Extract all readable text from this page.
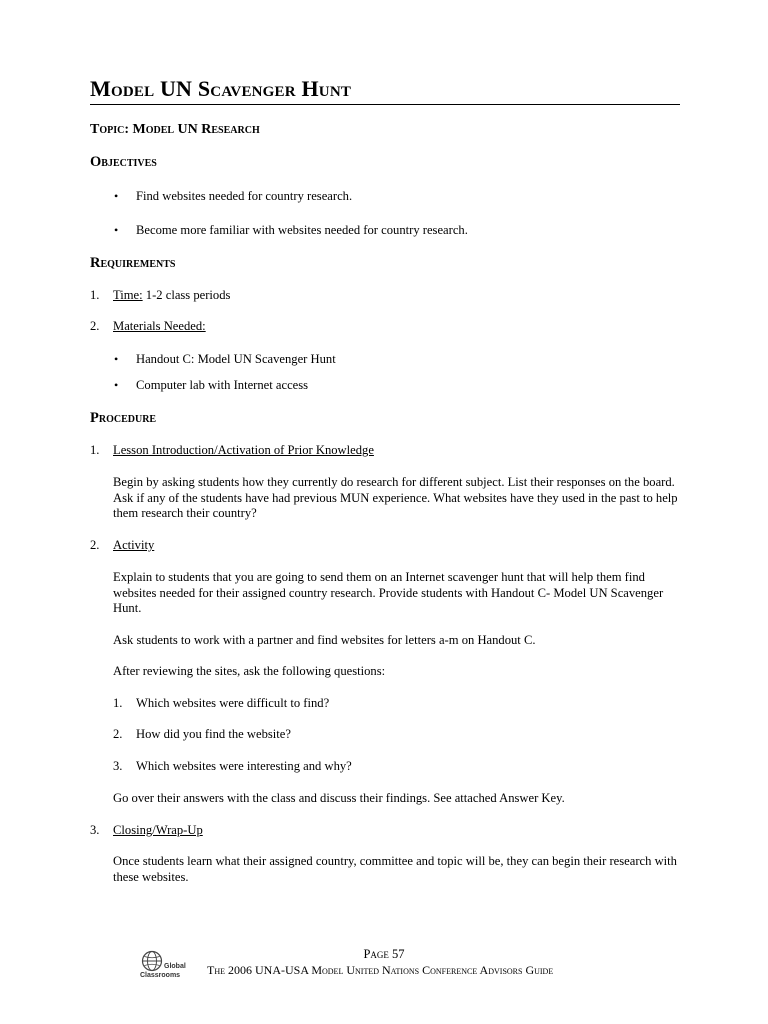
Model UN Scavenger Hunt
Topic: Model UN Research
Objectives
• Find websites needed for country research.
• Become more familiar with websites needed for country research.
Requirements
1. Time: 1-2 class periods
2. Materials Needed:
• Handout C: Model UN Scavenger Hunt
• Computer lab with Internet access
Procedure
1. Lesson Introduction/Activation of Prior Knowledge
Begin by asking students how they currently do research for different subject. List their responses on the board. Ask if any of the students have had previous MUN experience. What websites have they used in the past to help them research their country?
2. Activity
Explain to students that you are going to send them on an Internet scavenger hunt that will help them find websites needed for their assigned country research. Provide students with Handout C- Model UN Scavenger Hunt.
Ask students to work with a partner and find websites for letters a-m on Handout C.
After reviewing the sites, ask the following questions:
1. Which websites were difficult to find?
2. How did you find the website?
3. Which websites were interesting and why?
Go over their answers with the class and discuss their findings. See attached Answer Key.
3. Closing/Wrap-Up
Once students learn what their assigned country, committee and topic will be, they can begin their research with these websites.
Page 57
Global
Classrooms The 2006 UNA-USA Model United Nations Conference Advisors Guide
